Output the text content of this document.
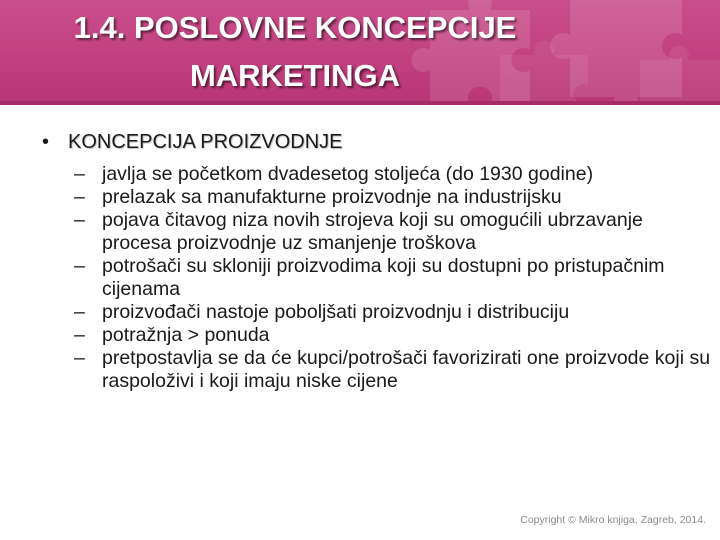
1.4. POSLOVNE KONCEPCIJE
MARKETINGA
• KONCEPCIJA PROIZVODNJE
– javlja se početkom dvadesetog stoljeća (do 1930 godine)
– prelazak sa manufakturne proizvodnje na industrijsku
– pojava čitavog niza novih strojeva koji su omogućili ubrzavanje procesa proizvodnje uz smanjenje troškova
– potrošači su skloniji proizvodima koji su dostupni po pristupačnim cijenama
– proizvođači nastoje poboljšati proizvodnju i distribuciju
– potražnja > ponuda
– pretpostavlja se da će kupci/potrošači favorizirati one proizvode koji su raspoloživi i koji imaju niske cijene
Copyright © Mikro knjiga, Zagreb, 2014.
